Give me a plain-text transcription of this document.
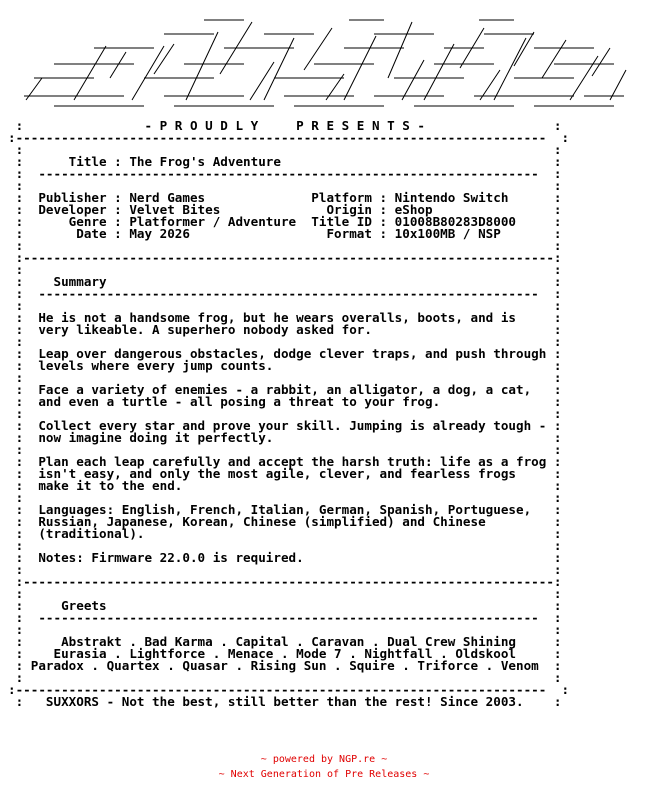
:                - P R O U D L Y     P R E S E N T S -                 :
:----------------------------------------------------------------------  :
:                                                                      :
:      Title : The Frog's Adventure                                    :
:  ------------------------------------------------------------------  :
:                                                                      :
:  Publisher : Nerd Games              Platform : Nintendo Switch      :
:  Developer : Velvet Bites              Origin : eShop                :
:      Genre : Platformer / Adventure  Title ID : 01008B80283D8000     :
:       Date : May 2026                  Format : 10x100MB / NSP       :
:                                                                      :
:----------------------------------------------------------------------:
:                                                                      :
:    Summary                                                           :
:  ------------------------------------------------------------------  :
:                                                                      :
:  He is not a handsome frog, but he wears overalls, boots, and is     :
:  very likeable. A superhero nobody asked for.                        :
:                                                                      :
:  Leap over dangerous obstacles, dodge clever traps, and push through :
:  levels where every jump counts.                                     :
:                                                                      :
:  Face a variety of enemies - a rabbit, an alligator, a dog, a cat,   :
:  and even a turtle - all posing a threat to your frog.               :
:                                                                      :
:  Collect every star and prove your skill. Jumping is already tough - :
:  now imagine doing it perfectly.                                     :
:                                                                      :
:  Plan each leap carefully and accept the harsh truth: life as a frog :
:  isn't easy, and only the most agile, clever, and fearless frogs     :
:  make it to the end.                                                 :
:                                                                      :
:  Languages: English, French, Italian, German, Spanish, Portuguese,   :
:  Russian, Japanese, Korean, Chinese (simplified) and Chinese         :
:  (traditional).                                                      :
:                                                                      :
:  Notes: Firmware 22.0.0 is required.                                 :
:                                                                      :
:----------------------------------------------------------------------:
:                                                                      :
:     Greets                                                           :
:  ------------------------------------------------------------------  :
:                                                                      :
:     Abstrakt . Bad Karma . Capital . Caravan . Dual Crew Shining     :
:    Eurasia . Lightforce . Menace . Mode 7 . Nightfall . Oldskool     :
: Paradox . Quartex . Quasar . Rising Sun . Squire . Triforce . Venom  :
:                                                                      :
:----------------------------------------------------------------------  :
:   SUXXORS - Not the best, still better than the rest! Since 2003.    :
~ powered by NGP.re ~
~ Next Generation of Pre Releases ~
